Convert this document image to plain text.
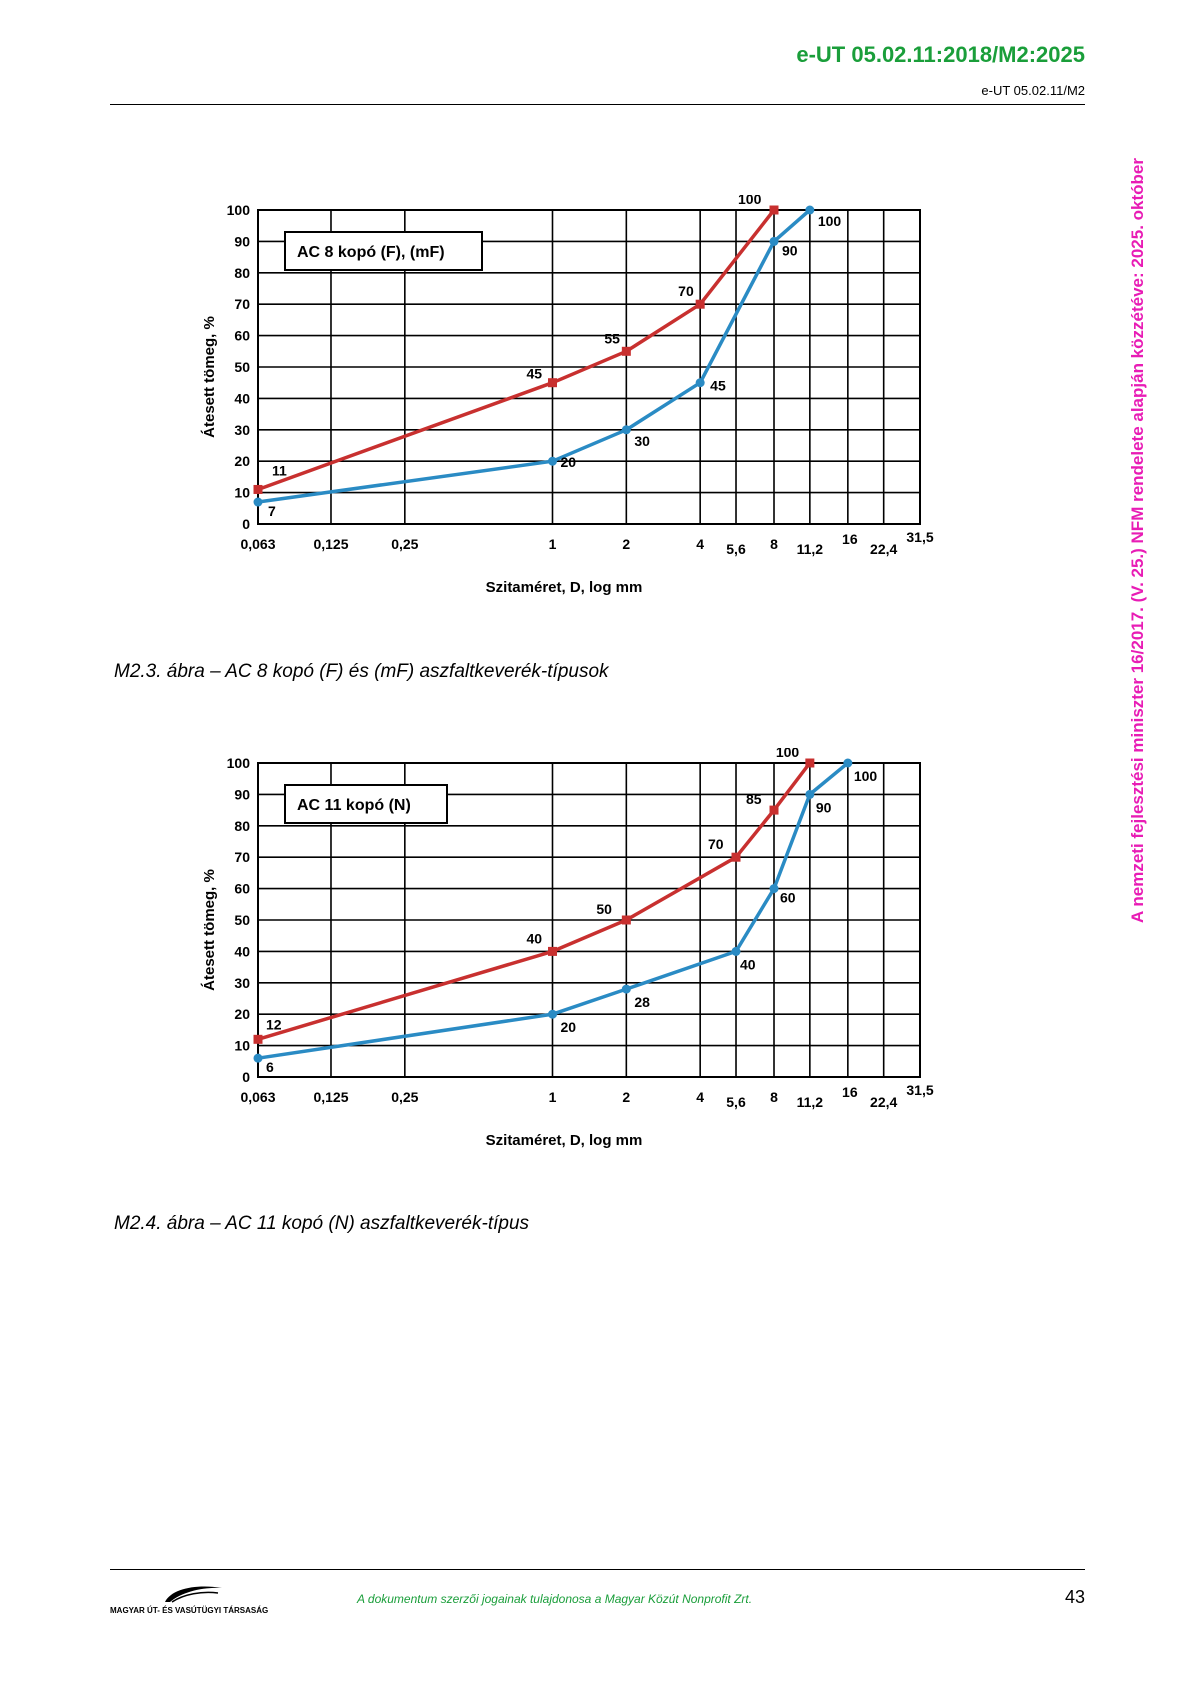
e-UT 05.02.11:2018/M2:2025
e-UT 05.02.11/M2
A nemzeti fejlesztési miniszter 16/2017. (V. 25.) NFM rendelete alapján közzétéve: 2025. október
0
10
20
30
40
50
60
70
80
90
100
0,063	0,125	0,25	1	2	4 5,6 8 11,2
16
22,4
31,5
Szitaméret, D, log mm
Átesett tömeg, %
AC 8 kopó (F), (mF)
11
45
55
70
100
7
20
30
45
90
100
M2.3. ábra – AC 8 kopó (F) és (mF) aszfaltkeverék-típusok
0
10
20
30
40
50
60
70
80
90
100
0,063	0,125	0,25	1	2	4 5,6 8 11,2
16
22,4
31,5
Szitaméret, D, log mm
Átesett tömeg, %
AC 11 kopó (N)
12
40
50
70
85
100
6
20
28
40
60
90
100
M2.4. ábra – AC 11 kopó (N) aszfaltkeverék-típus
MAGYAR ÚT- ÉS VASÚTÜGYI TÁRSASÁG
A dokumentum szerzői jogainak tulajdonosa a Magyar Közút Nonprofit Zrt.	43
